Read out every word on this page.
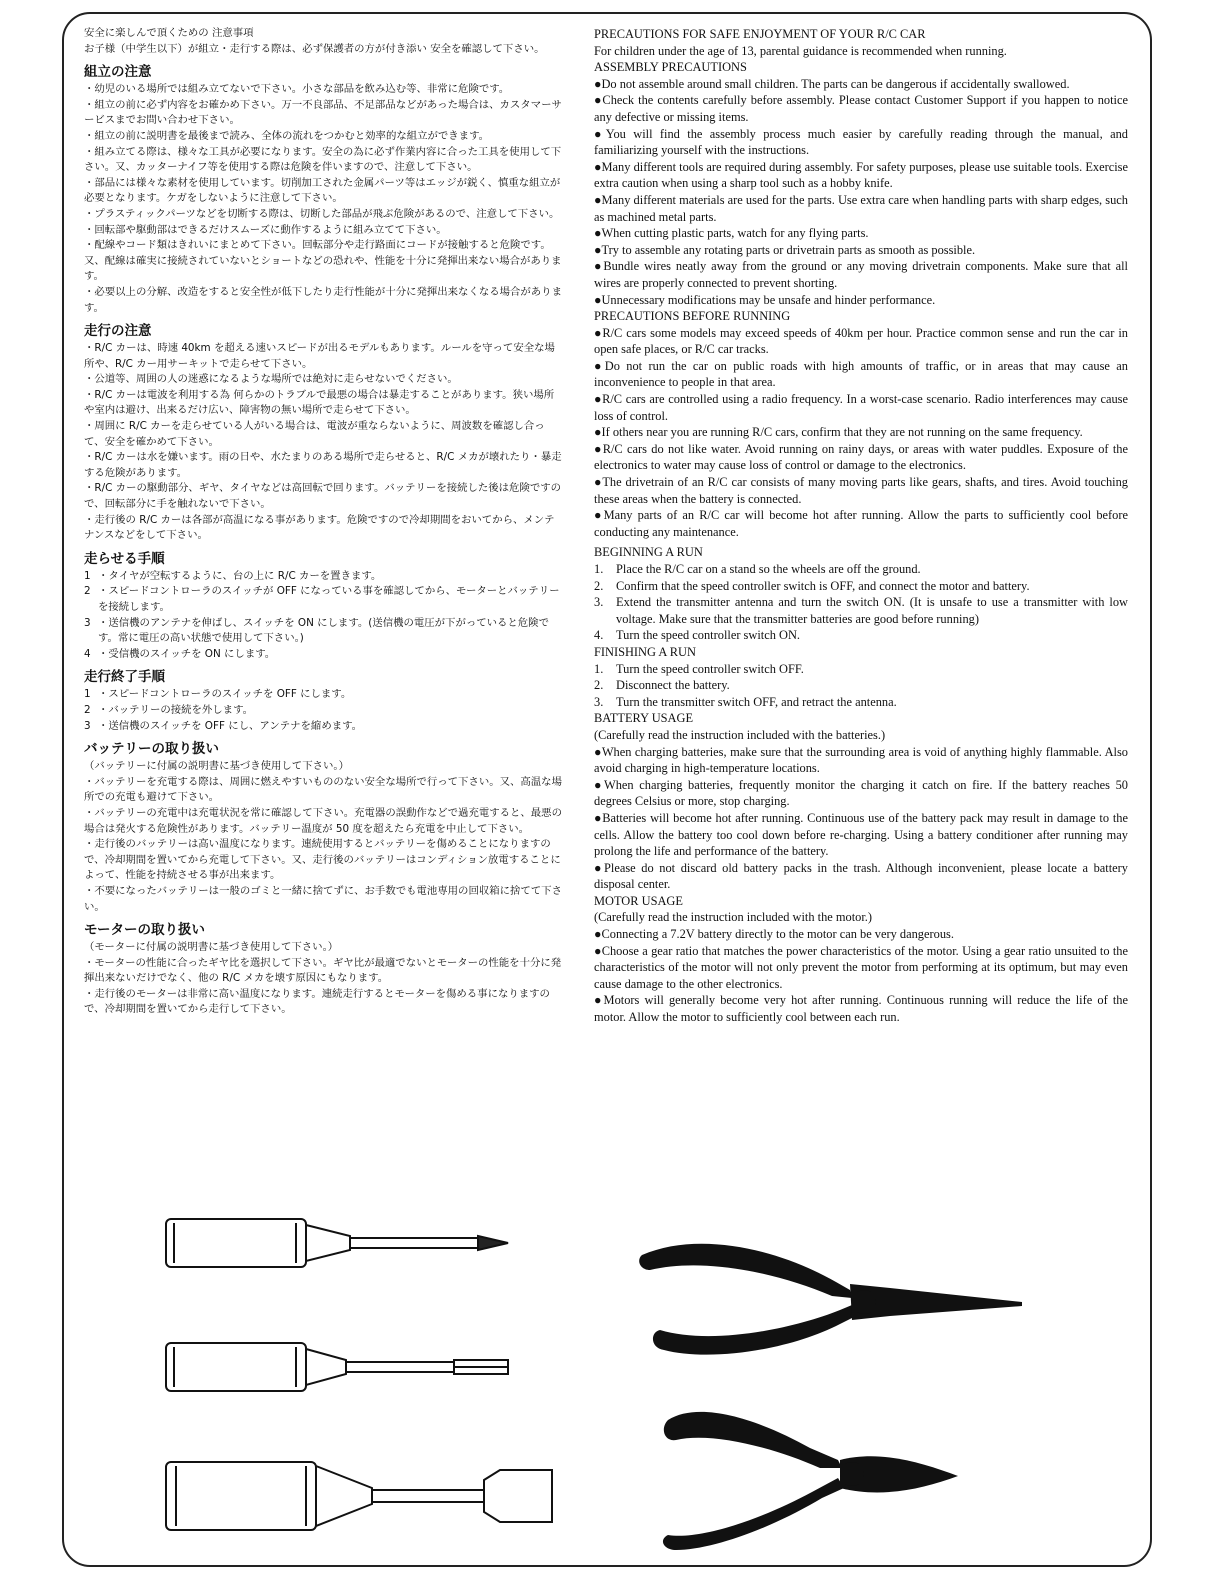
安全に楽しんで頂くための 注意事項

お子様（中学生以下）が組立・走行する際は、必ず保護者の方が付き添い 安全を確認して下さい。

組立の注意

・幼児のいる場所では組み立てないで下さい。小さな部品を飲み込む等、非常に危険です。

・組立の前に必ず内容をお確かめ下さい。万一不良部品、不足部品などがあった場合は、カスタマーサービスまでお問い合わせ下さい。

・組立の前に説明書を最後まで読み、全体の流れをつかむと効率的な組立ができます。

・組み立てる際は、様々な工具が必要になります。安全の為に必ず作業内容に合った工具を使用して下さい。又、カッターナイフ等を使用する際は危険を伴いますので、注意して下さい。

・部品には様々な素材を使用しています。切削加工された金属パーツ等はエッジが鋭く、慎重な組立が必要となります。ケガをしないように注意して下さい。

・プラスティックパーツなどを切断する際は、切断した部品が飛ぶ危険があるので、注意して下さい。

・回転部や駆動部はできるだけスムーズに動作するように組み立てて下さい。

・配線やコード類はきれいにまとめて下さい。回転部分や走行路面にコードが接触すると危険です。又、配線は確実に接続されていないとショートなどの恐れや、性能を十分に発揮出来ない場合があります。

・必要以上の分解、改造をすると安全性が低下したり走行性能が十分に発揮出来なくなる場合があります。

走行の注意

・R/C カーは、時速 40km を超える速いスピードが出るモデルもあります。ルールを守って安全な場所や、R/C カー用サーキットで走らせて下さい。

・公道等、周囲の人の迷惑になるような場所では絶対に走らせないでください。

・R/C カーは電波を利用する為 何らかのトラブルで最悪の場合は暴走することがあります。狭い場所や室内は避け、出来るだけ広い、障害物の無い場所で走らせて下さい。

・周囲に R/C カーを走らせている人がいる場合は、電波が重ならないように、周波数を確認し合って、安全を確かめて下さい。

・R/C カーは水を嫌います。雨の日や、水たまりのある場所で走らせると、R/C メカが壊れたり・暴走する危険があります。

・R/C カーの駆動部分、ギヤ、タイヤなどは高回転で回ります。バッテリーを接続した後は危険ですので、回転部分に手を触れないで下さい。

・走行後の R/C カーは各部が高温になる事があります。危険ですので冷却期間をおいてから、メンテナンスなどをして下さい。

走らせる手順

1 ・タイヤが空転するように、台の上に R/C カーを置きます。
2 ・スピードコントローラのスイッチが OFF になっている事を確認してから、モーターとバッテリーを接続します。
3 ・送信機のアンテナを伸ばし、スイッチを ON にします。(送信機の電圧が下がっていると危険です。常に電圧の高い状態で使用して下さい。)
4 ・受信機のスイッチを ON にします。

走行終了手順

1 ・スピードコントローラのスイッチを OFF にします。
2 ・バッテリーの接続を外します。
3 ・送信機のスイッチを OFF にし、アンテナを縮めます。

バッテリーの取り扱い

（バッテリーに付属の説明書に基づき使用して下さい。）

・バッテリーを充電する際は、周囲に燃えやすいもののない安全な場所で行って下さい。又、高温な場所での充電も避けて下さい。

・バッテリーの充電中は充電状況を常に確認して下さい。充電器の誤動作などで過充電すると、最悪の場合は発火する危険性があります。バッテリー温度が 50 度を超えたら充電を中止して下さい。

・走行後のバッテリーは高い温度になります。連続使用するとバッテリーを傷めることになりますので、冷却期間を置いてから充電して下さい。又、走行後のバッテリーはコンディション放電することによって、性能を持続させる事が出来ます。

・不要になったバッテリーは一般のゴミと一緒に捨てずに、お手数でも電池専用の回収箱に捨てて下さい。

モーターの取り扱い

（モーターに付属の説明書に基づき使用して下さい。）

・モーターの性能に合ったギヤ比を選択して下さい。ギヤ比が最適でないとモーターの性能を十分に発揮出来ないだけでなく、他の R/C メカを壊す原因にもなります。

・走行後のモーターは非常に高い温度になります。連続走行するとモーターを傷める事になりますので、冷却期間を置いてから走行して下さい。

PRECAUTIONS FOR SAFE ENJOYMENT OF YOUR R/C CAR

For children under the age of 13, parental guidance is recommended when running.

ASSEMBLY PRECAUTIONS

●Do not assemble around small children. The parts can be dangerous if accidentally swallowed.

●Check the contents carefully before assembly. Please contact Customer Support if you happen to notice any defective or missing items.

●You will find the assembly process much easier by carefully reading through the manual, and familiarizing yourself with the instructions.

●Many different tools are required during assembly. For safety purposes, please use suitable tools. Exercise extra caution when using a sharp tool such as a hobby knife.

●Many different materials are used for the parts. Use extra care when handling parts with sharp edges, such as machined metal parts.

●When cutting plastic parts, watch for any flying parts.

●Try to assemble any rotating parts or drivetrain parts as smooth as possible.

●Bundle wires neatly away from the ground or any moving drivetrain components. Make sure that all wires are properly connected to prevent shorting.

●Unnecessary modifications may be unsafe and hinder performance.

PRECAUTIONS BEFORE RUNNING

●R/C cars some models may exceed speeds of 40km per hour. Practice common sense and run the car in open safe places, or R/C car tracks.

●Do not run the car on public roads with high amounts of traffic, or in areas that may cause an inconvenience to people in that area.

●R/C cars are controlled using a radio frequency. In a worst-case scenario. Radio interferences may cause loss of control.

●If others near you are running R/C cars, confirm that they are not running on the same frequency.

●R/C cars do not like water. Avoid running on rainy days, or areas with water puddles. Exposure of the electronics to water may cause loss of control or damage to the electronics.

●The drivetrain of an R/C car consists of many moving parts like gears, shafts, and tires. Avoid touching these areas when the battery is connected.

●Many parts of an R/C car will become hot after running. Allow the parts to sufficiently cool before conducting any maintenance.

BEGINNING A RUN

1.	Place the R/C car on a stand so the wheels are off the ground.
2.	Confirm that the speed controller switch is OFF, and connect the motor and battery.
3.	Extend the transmitter antenna and turn the switch ON. (It is unsafe to use a transmitter with low voltage. Make sure that the transmitter batteries are good before running)
4.	Turn the speed controller switch ON.

FINISHING A RUN

1.	Turn the speed controller switch OFF.
2.	Disconnect the battery.
3.	Turn the transmitter switch OFF, and retract the antenna.

BATTERY USAGE

(Carefully read the instruction included with the batteries.)

●When charging batteries, make sure that the surrounding area is void of anything highly flammable. Also avoid charging in high-temperature locations.

●When charging batteries, frequently monitor the charging it catch on fire. If the battery reaches 50 degrees Celsius or more, stop charging.

●Batteries will become hot after running. Continuous use of the battery pack may result in damage to the cells. Allow the battery too cool down before re-charging. Using a battery conditioner after running may prolong the life and performance of the battery.

●Please do not discard old battery packs in the trash. Although inconvenient, please locate a battery disposal center.

MOTOR USAGE

(Carefully read the instruction included with the motor.)

●Connecting a 7.2V battery directly to the motor can be very dangerous.

●Choose a gear ratio that matches the power characteristics of the motor. Using a gear ratio unsuited to the characteristics of the motor will not only prevent the motor from performing at its optimum, but may even cause damage to the other electronics.

●Motors will generally become very hot after running. Continuous running will reduce the life of the motor. Allow the motor to sufficiently cool between each run.
